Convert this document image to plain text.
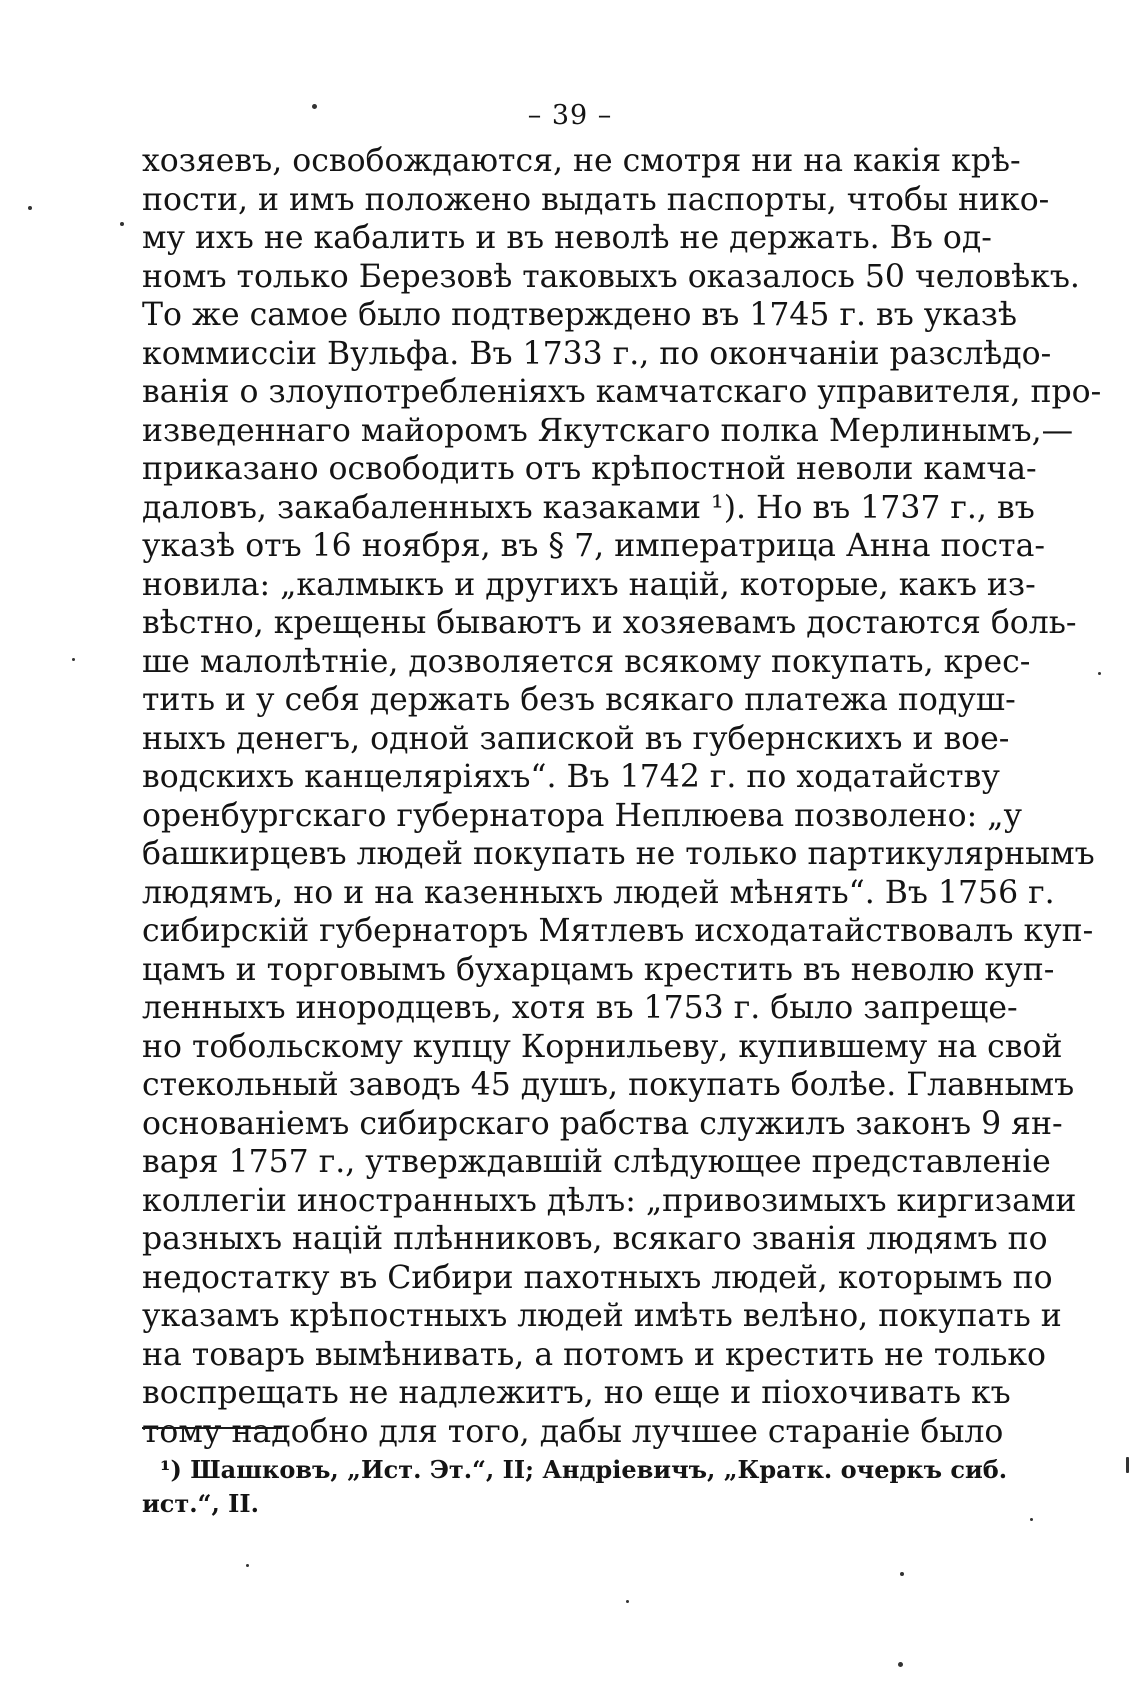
– 39 –
хозяевъ, освобождаются, не смотря ни на какія крѣ-
пости, и имъ положено выдать паспорты, чтобы нико-
му ихъ не кабалить и въ неволѣ не держать. Въ од-
номъ только Березовѣ таковыхъ оказалось 50 человѣкъ.
То же самое было подтверждено въ 1745 г. въ указѣ
коммиссіи Вульфа. Въ 1733 г., по окончаніи разслѣдо-
ванія о злоупотребленіяхъ камчатскаго управителя, про-
изведеннаго майоромъ Якутскаго полка Мерлинымъ,—
приказано освободить отъ крѣпостной неволи камча-
даловъ, закабаленныхъ казаками ¹). Но въ 1737 г., въ
указѣ отъ 16 ноября, въ § 7, императрица Анна поста-
новила: „калмыкъ и другихъ націй, которые, какъ из-
вѣстно, крещены бываютъ и хозяевамъ достаются боль-
ше малолѣтніе, дозволяется всякому покупать, крес-
тить и у себя держать безъ всякаго платежа подуш-
ныхъ денегъ, одной запиской въ губернскихъ и вое-
водскихъ канцеляріяхъ“. Въ 1742 г. по ходатайству
оренбургскаго губернатора Неплюева позволено: „у
башкирцевъ людей покупать не только партикулярнымъ
людямъ, но и на казенныхъ людей мѣнять“. Въ 1756 г.
сибирскій губернаторъ Мятлевъ исходатайствовалъ куп-
цамъ и торговымъ бухарцамъ крестить въ неволю куп-
ленныхъ инородцевъ, хотя въ 1753 г. было запреще-
но тобольскому купцу Корнильеву, купившему на свой
стекольный заводъ 45 душъ, покупать болѣе. Главнымъ
основаніемъ сибирскаго рабства служилъ законъ 9 ян-
варя 1757 г., утверждавшій слѣдующее представленіе
коллегіи иностранныхъ дѣлъ: „привозимыхъ киргизами
разныхъ націй плѣнниковъ, всякаго званія людямъ по
недостатку въ Сибири пахотныхъ людей, которымъ по
указамъ крѣпостныхъ людей имѣть велѣно, покупать и
на товаръ вымѣнивать, а потомъ и крестить не только
воспрещать не надлежитъ, но еще и піохочивать къ
тому надобно для того, дабы лучшее стараніе было
¹) Шашковъ, „Ист. Эт.“, II; Андріевичъ, „Кратк. очеркъ сиб.
ист.“, II.
